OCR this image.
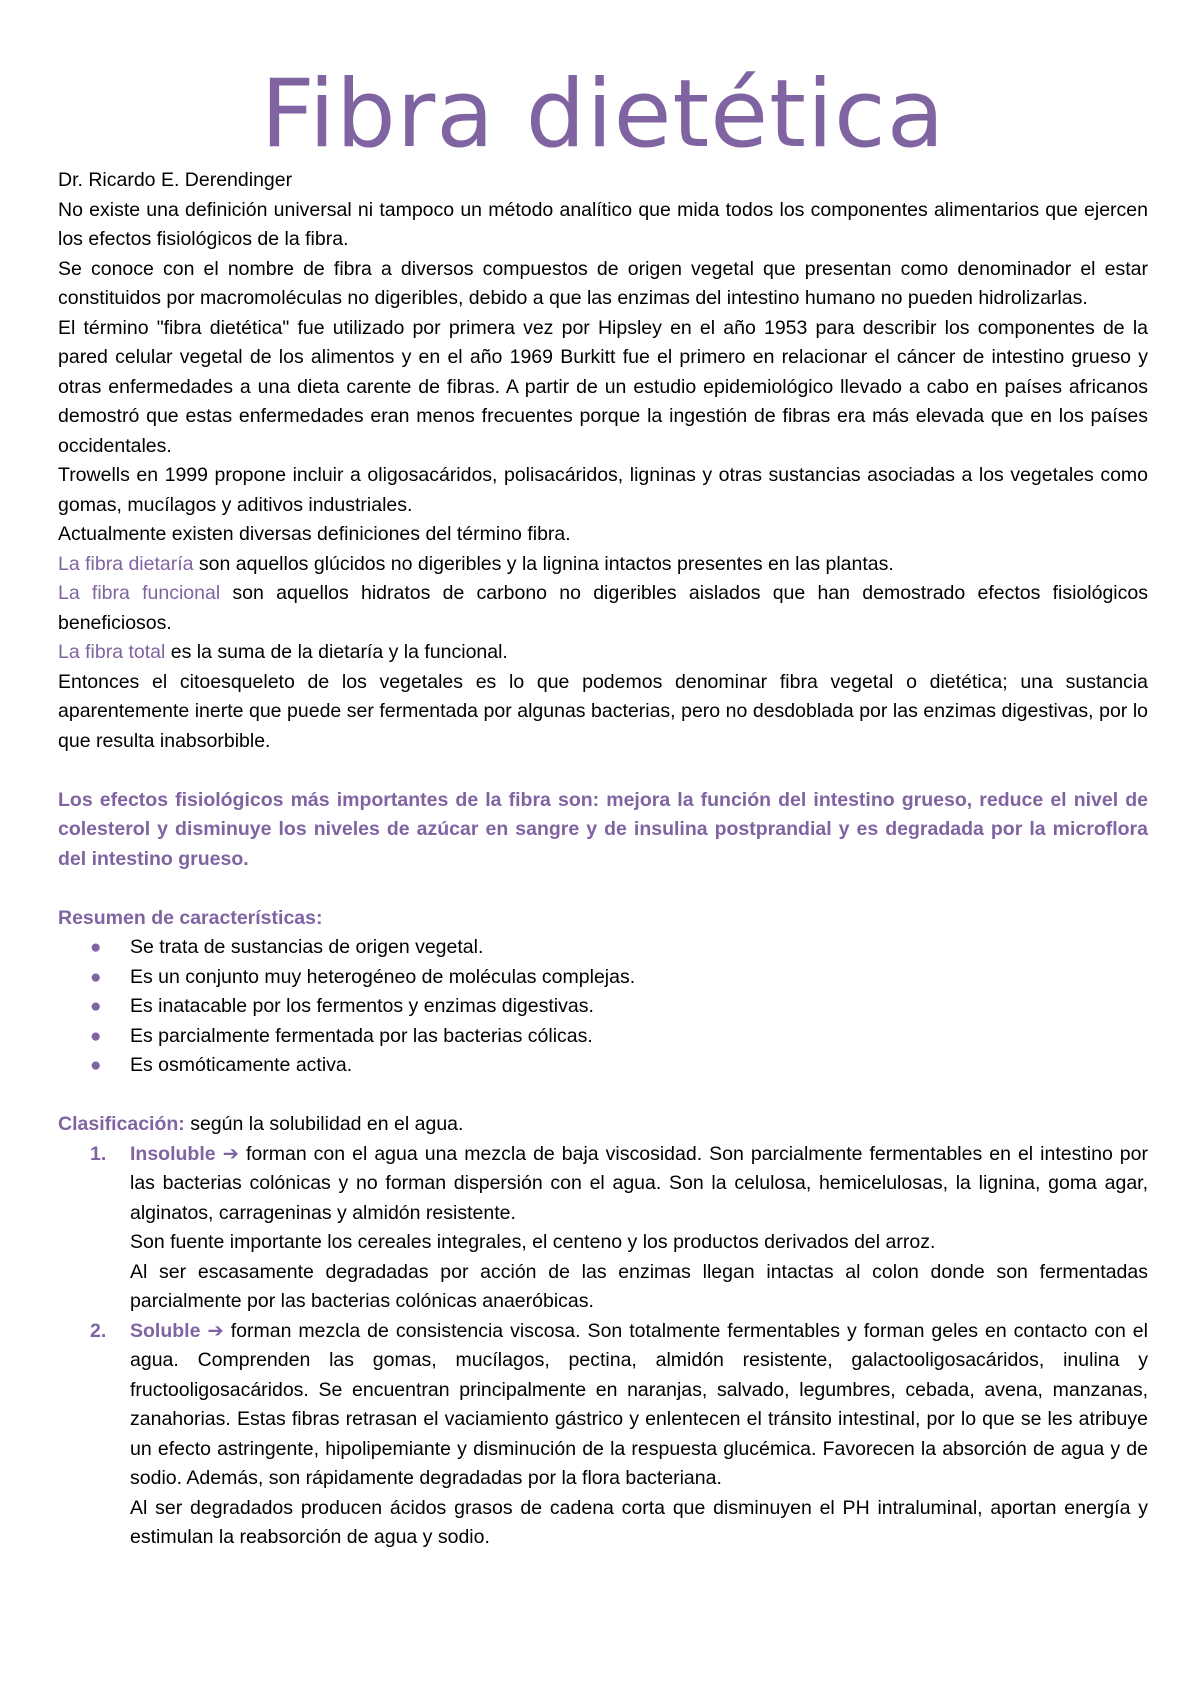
Fibra dietética

Dr. Ricardo E. Derendinger

No existe una definición universal ni tampoco un método analítico que mida todos los componentes alimentarios que ejercen los efectos fisiológicos de la fibra.

Se conoce con el nombre de fibra a diversos compuestos de origen vegetal que presentan como denominador el estar constituidos por macromoléculas no digeribles, debido a que las enzimas del intestino humano no pueden hidrolizarlas.

El término "fibra dietética" fue utilizado por primera vez por Hipsley en el año 1953 para describir los componentes de la pared celular vegetal de los alimentos y en el año 1969 Burkitt fue el primero en relacionar el cáncer de intestino grueso y otras enfermedades a una dieta carente de fibras. A partir de un estudio epidemiológico llevado a cabo en países africanos demostró que estas enfermedades eran menos frecuentes porque la ingestión de fibras era más elevada que en los países occidentales.

Trowells en 1999 propone incluir a oligosacáridos, polisacáridos, ligninas y otras sustancias asociadas a los vegetales como gomas, mucílagos y aditivos industriales.

Actualmente existen diversas definiciones del término fibra.

La fibra dietaría son aquellos glúcidos no digeribles y la lignina intactos presentes en las plantas.

La fibra funcional son aquellos hidratos de carbono no digeribles aislados que han demostrado efectos fisiológicos beneficiosos.

La fibra total es la suma de la dietaría y la funcional.

Entonces el citoesqueleto de los vegetales es lo que podemos denominar fibra vegetal o dietética; una sustancia aparentemente inerte que puede ser fermentada por algunas bacterias, pero no desdoblada por las enzimas digestivas, por lo que resulta inabsorbible.

Los efectos fisiológicos más importantes de la fibra son: mejora la función del intestino grueso, reduce el nivel de colesterol y disminuye los niveles de azúcar en sangre y de insulina postprandial y es degradada por la microflora del intestino grueso.

Resumen de características:

● Se trata de sustancias de origen vegetal.
● Es un conjunto muy heterogéneo de moléculas complejas.
● Es inatacable por los fermentos y enzimas digestivas.
● Es parcialmente fermentada por las bacterias cólicas.
● Es osmóticamente activa.

Clasificación: según la solubilidad en el agua.

1. Insoluble ➔ forman con el agua una mezcla de baja viscosidad. Son parcialmente fermentables en el intestino por las bacterias colónicas y no forman dispersión con el agua. Son la celulosa, hemicelulosas, la lignina, goma agar, alginatos, carrageninas y almidón resistente.
Son fuente importante los cereales integrales, el centeno y los productos derivados del arroz.
Al ser escasamente degradadas por acción de las enzimas llegan intactas al colon donde son fermentadas parcialmente por las bacterias colónicas anaeróbicas.
2. Soluble ➔ forman mezcla de consistencia viscosa. Son totalmente fermentables y forman geles en contacto con el agua. Comprenden las gomas, mucílagos, pectina, almidón resistente, galactooligosacáridos, inulina y fructooligosacáridos. Se encuentran principalmente en naranjas, salvado, legumbres, cebada, avena, manzanas, zanahorias. Estas fibras retrasan el vaciamiento gástrico y enlentecen el tránsito intestinal, por lo que se les atribuye un efecto astringente, hipolipemiante y disminución de la respuesta glucémica. Favorecen la absorción de agua y de sodio. Además, son rápidamente degradadas por la flora bacteriana.
Al ser degradados producen ácidos grasos de cadena corta que disminuyen el PH intraluminal, aportan energía y estimulan la reabsorción de agua y sodio.
